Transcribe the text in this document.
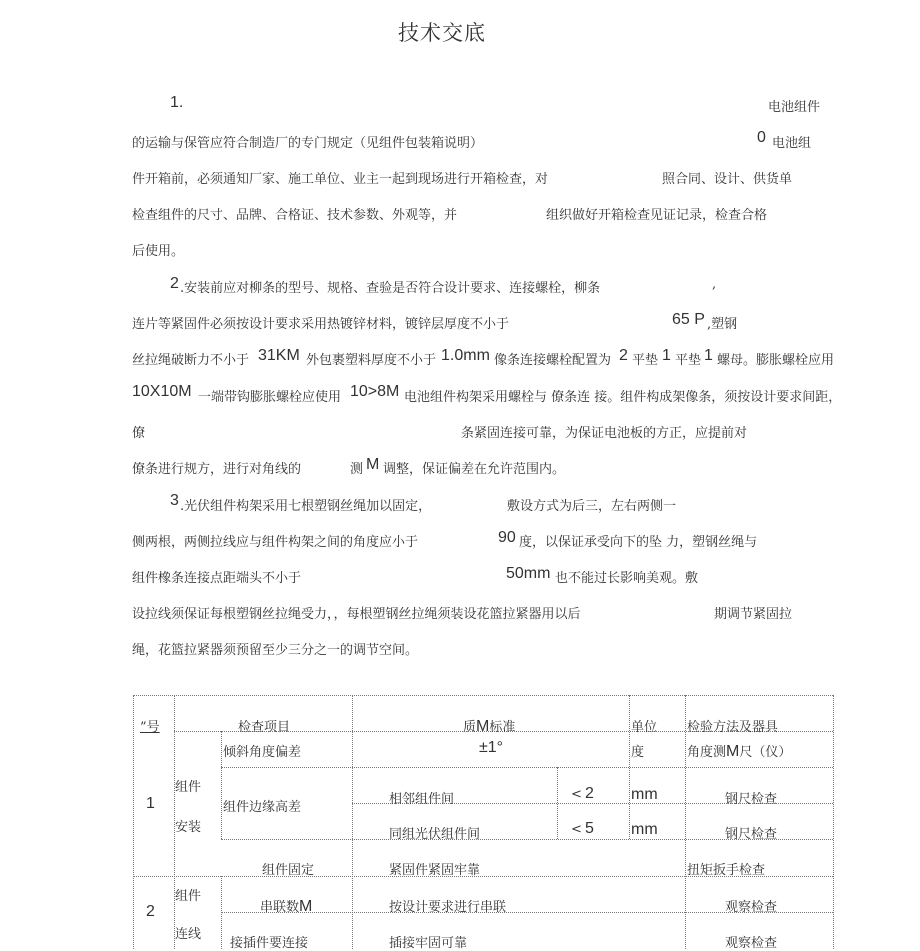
技术交底
1.	电池组件
的运输与保管应符合制造厂的专门规定（见组件包装箱说明）	0 电池组
件开箱前，必须通知厂家、施工单位、业主一起到现场进行开箱检查，对	照合同、设计、供货单
检查组件的尺寸、品牌、合格证、技术参数、外观等，并	组织做好开箱检查见证记录，检查合格
后使用。
2 .安装前应对柳条的型号、规格、查验是否符合设计要求、连接螺栓，柳条	,
连片等紧固件必须按设计要求采用热镀锌材料，镀锌层厚度不小于	65 P ,塑钢
丝拉绳破断力不小于 31KM 外包裹塑料厚度不小于 1.0mm 像条连接螺栓配置为 2 平垫 1 平垫 1 螺母。膨胀螺栓应用
10X10M 一端带钩膨胀螺栓应使用 10>8M 电池组件构架采用螺栓与 僚条连 接。组件构成架像条，须按设计要求间距，
僚	条紧固连接可靠，为保证电池板的方正，应提前对
僚条进行规方，进行对角线的	测 M 调整，保证偏差在允许范围内。
3 .光伏组件构架采用七根塑钢丝绳加以固定，	敷设方式为后三，左右两侧一
侧两根，两侧拉线应与组件构架之间的角度应小于	90 度，以保证承受向下的坠 力，塑钢丝绳与
组件橡条连接点距端头不小于	50mm 也不能过长影响美观。敷
设拉线须保证每根塑钢丝拉绳受力，，每根塑钢丝拉绳须装设花篮拉紧器用以后	期调节紧固拉
绳，花篮拉紧器须预留至少三分之一的调节空间。
”号	检查项目	质M标准	单位 检验方法及器具
1
组件
安装
倾斜角度偏差	±1°	度	角度测M尺（仪）
组件边缘高差
相邻组件间	< 2 mm	钢尺检查
同组光伏组件间	< 5 mm	钢尺检查
组件固定	紧固件紧固牢靠	扭矩扳手检查
2
组件
连线
串联数M	按设计要求进行串联	观察检查
接插件要连接	插接牢固可靠	观察检查
